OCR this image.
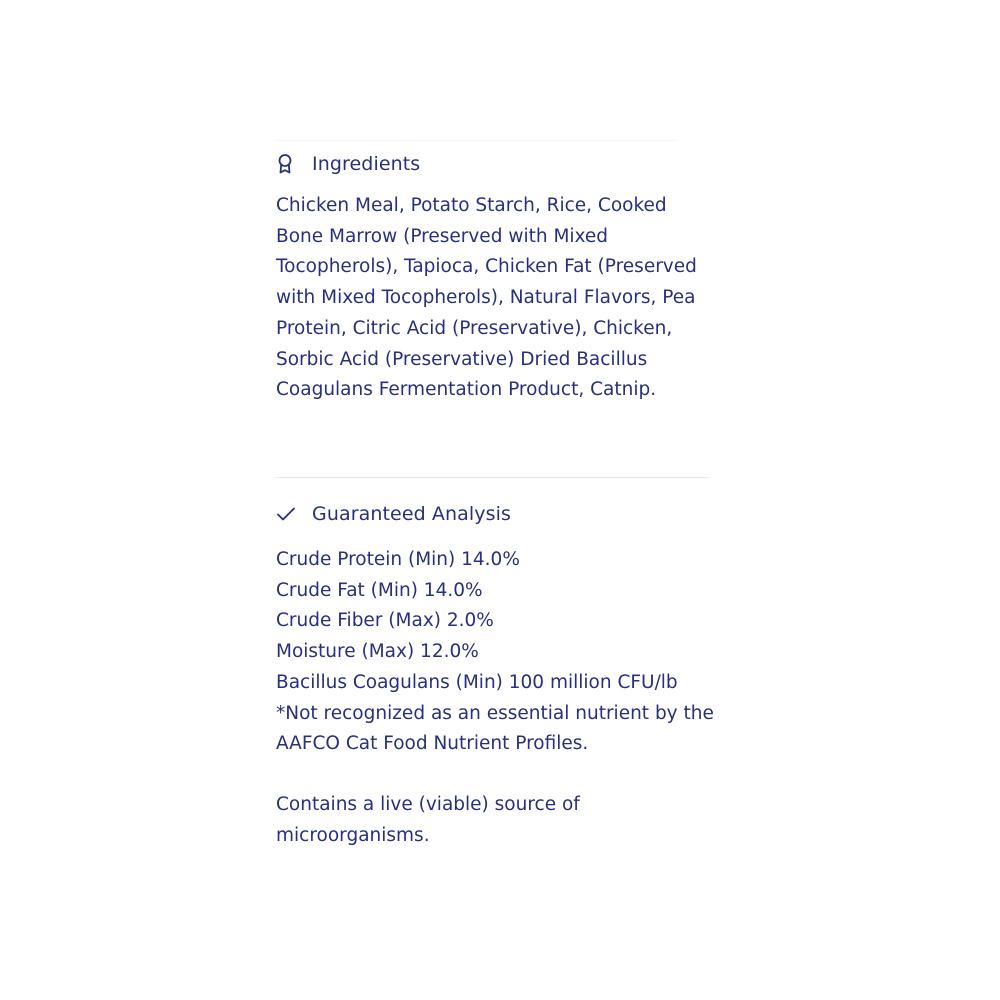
Ingredients
Chicken Meal, Potato Starch, Rice, Cooked Bone Marrow (Preserved with Mixed Tocopherols), Tapioca, Chicken Fat (Preserved with Mixed Tocopherols), Natural Flavors, Pea Protein, Citric Acid (Preservative), Chicken, Sorbic Acid (Preservative) Dried Bacillus Coagulans Fermentation Product, Catnip.
Guaranteed Analysis
Crude Protein (Min) 14.0%
Crude Fat (Min) 14.0%
Crude Fiber (Max) 2.0%
Moisture (Max) 12.0%
Bacillus Coagulans (Min) 100 million CFU/lb
*Not recognized as an essential nutrient by the AAFCO Cat Food Nutrient Profiles.
Contains a live (viable) source of microorganisms.
